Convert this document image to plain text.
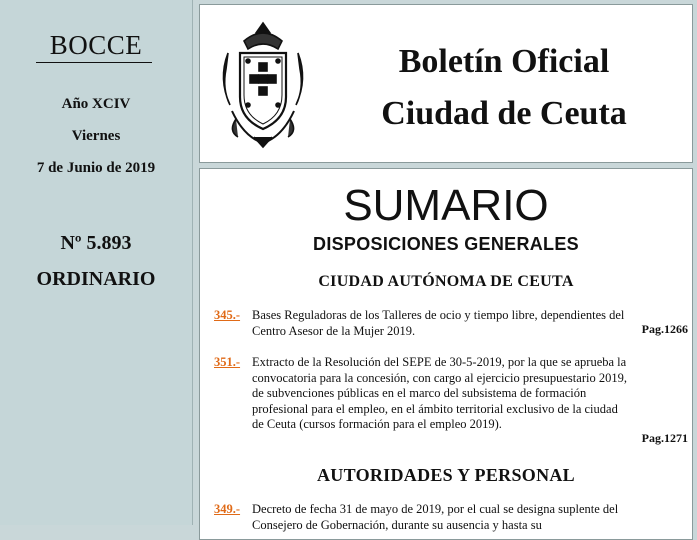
BOCCE
Año XCIV
Viernes
7 de Junio de 2019
Nº 5.893
ORDINARIO
Boletín Oficial
Ciudad de Ceuta
SUMARIO
DISPOSICIONES GENERALES
CIUDAD AUTÓNOMA DE CEUTA
345.- Bases Reguladoras de los Talleres de ocio y tiempo libre, dependientes del Centro Asesor de la Mujer 2019.	Pag.1266
351.- Extracto de la Resolución del SEPE de 30-5-2019, por la que se aprueba la convocatoria para la concesión, con cargo al ejercicio presupuestario 2019, de subvenciones públicas en el marco del subsistema de formación profesional para el empleo, en el ámbito territorial exclusivo de la ciudad de Ceuta (cursos formación para el empleo 2019).
Pag.1271
AUTORIDADES Y PERSONAL
349.- Decreto de fecha 31 de mayo de 2019, por el cual se designa suplente del Consejero de Gobernación, durante su ausencia y hasta su
